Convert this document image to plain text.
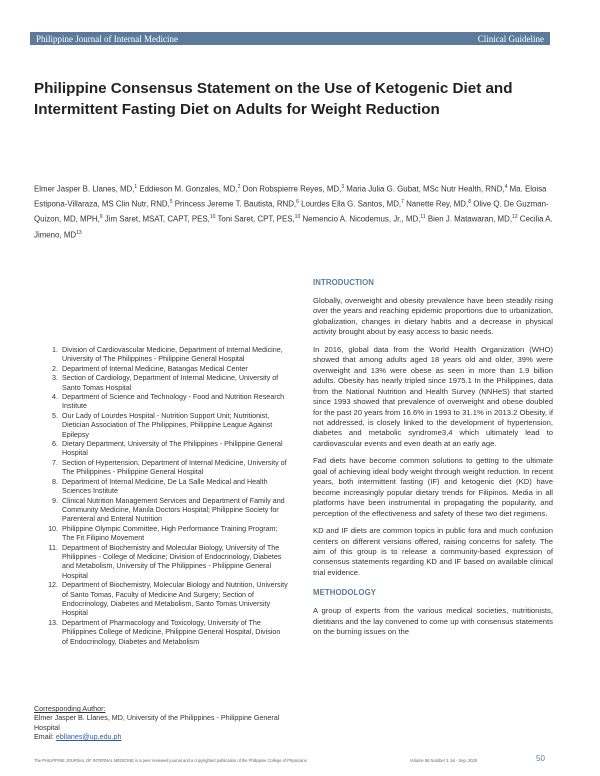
Philippine Journal of Internal Medicine	Clinical Guideline
Philippine Consensus Statement on the Use of Ketogenic Diet and Intermittent Fasting Diet on Adults for Weight Reduction

Elmer Jasper B. Llanes, MD,$^1$ Eddieson M. Gonzales, MD,$^2$ Don Robspierre Reyes, MD,$^3$ Maria Julia G. Gubat, MSc Nutr Health, RND,$^4$ Ma. Eloisa Estipona-Villaraza, MS Clin Nutr, RND,$^5$ Princess Jereme T. Bautista, RND,$^6$ Lourdes Ella G. Santos, MD,$^7$ Nanette Rey, MD,$^8$ Olive Q. De Guzman-Quizon, MD, MPH,$^9$ Jim Saret, MSAT, CAPT, PES,$^{10}$ Toni Saret, CPT, PES,$^{10}$ Nemencio A. Nicodemus, Jr., MD,$^{11}$ Bien J. Matawaran, MD,$^{12}$ Cecilia A. Jimeno, MD$^{13}$

1. Division of Cardiovascular Medicine, Department of Internal Medicine, University of The Philippines - Philippine General Hospital
2. Department of Internal Medicine, Batangas Medical Center
3. Section of Cardiology, Department of Internal Medicine, University of Santo Tomas Hospital
4. Department of Science and Technology - Food and Nutrition Research Institute
5. Our Lady of Lourdes Hospital - Nutrition Support Unit; Nutritionist, Dietician Association of The Philippines, Philippine League Against Epilepsy
6. Dietary Department, University of The Philippines - Philippine General Hospital
7. Section of Hypertension, Department of Internal Medicine, University of The Philippines - Philippine General Hospital
8. Department of Internal Medicine, De La Salle Medical and Health Sciences Institute
9. Clinical Nutrition Management Services and Department of Family and Community Medicine, Manila Doctors Hospital; Philippine Society for Parenteral and Enteral Nutrition
10. Philippine Olympic Committee, High Performance Training Program; The Fit Filipino Movement
11. Department of Biochemistry and Molecular Biology, University of The Philippines - College of Medicine; Division of Endocrinology, Diabetes and Metabolism, University of The Philippines - Philippine General Hospital
12. Department of Biochemistry, Molecular Biology and Nutrition, University of Santo Tomas, Faculty of Medicine And Surgery; Section of Endocrinology, Diabetes and Metabolism, Santo Tomas University Hospital
13. Department of Pharmacology and Toxicology, University of The Philippines College of Medicine, Philippine General Hospital, Division of Endocrinology, Diabetes and Metabolism
Corresponding Author:
Elmer Jasper B. Llanes, MD, University of the Philippines - Philippine General Hospital
Email: ebllanes@up.edu.ph
INTRODUCTION

Globally, overweight and obesity prevalence have been steadily rising over the years and reaching epidemic proportions due to urbanization, globalization, changes in dietary habits and a decrease in physical activity brought about by easy access to basic needs.

In 2016, global data from the World Health Organization (WHO) showed that among adults aged 18 years old and older, 39% were overweight and 13% were obese as seen in more than 1.9 billion adults. Obesity has nearly tripled since 1975.1 In the Philippines, data from the National Nutrition and Health Survey (NNHeS) that started since 1993 showed that prevalence of overweight and obese doubled for the past 20 years from 16.6% in 1993 to 31.1% in 2013.2 Obesity, if not addressed, is closely linked to the development of hypertension, diabetes and metabolic syndrome3,4 which ultimately lead to cardiovascular events and even death at an early age.

Fad diets have become common solutions to getting to the ultimate goal of achieving ideal body weight through weight reduction. In recent years, both intermittent fasting (IF) and ketogenic diet (KD) have become increasingly popular dietary trends for Filipinos. Media in all platforms have been instrumental in propagating the popularity, and perception of the effectiveness and safety of these two diet regimens.

KD and IF diets are common topics in public fora and much confusion centers on different versions offered, raising concerns for safety. The aim of this group is to release a community-based expression of consensus statements regarding KD and IF based on available clinical trial evidence.

METHODOLOGY

A group of experts from the various medical societies, nutritionists, dietitians and the lay convened to come up with consensus statements on the burning issues on the

The PHILIPPINE JOURNAL OF INTERNAL MEDICINE is a peer reviewed journal and a copyrighted publication of the Philippine College of Physicians	Volume 58 Number 3 Jul - Sep, 2020	50
